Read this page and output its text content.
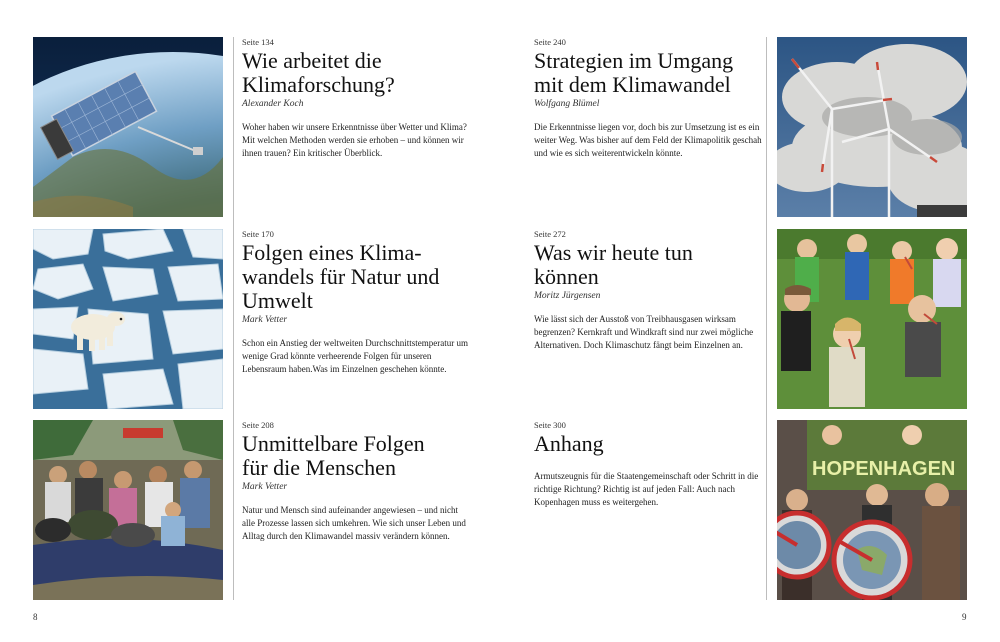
Seite 134

Wie arbeitet die
Klimaforschung?

Alexander Koch

Woher haben wir unsere Erkenntnisse über Wetter und Klima? Mit welchen Methoden werden sie erhoben – und können wir ihnen trauen? Ein kritischer Überblick.

Seite 170

Folgen eines Klima-
wandels für Natur und
Umwelt

Mark Vetter

Schon ein Anstieg der weltweiten Durchschnittstemperatur um wenige Grad könnte verheerende Folgen für unseren Lebensraum haben.Was im Einzelnen geschehen könnte.

Seite 208

Unmittelbare Folgen
für die Menschen

Mark Vetter

Natur und Mensch sind aufeinander angewiesen – und nicht alle Prozesse lassen sich umkehren. Wie sich unser Leben und Alltag durch den Klimawandel massiv verändern können.

8

Seite 240

Strategien im Umgang
mit dem Klimawandel

Wolfgang Blümel

Die Erkenntnisse liegen vor, doch bis zur Umsetzung ist es ein weiter Weg. Was bisher auf dem Feld der Klimapolitik geschah und wie es sich weiterentwickeln könnte.

Seite 272

Was wir heute tun
können

Moritz Jürgensen

Wie lässt sich der Ausstoß von Treibhausgasen wirksam begrenzen? Kernkraft und Windkraft sind nur zwei mögliche Alternativen. Doch Klimaschutz fängt beim Einzelnen an.

Seite 300

Anhang

Armutszeugnis für die Staatengemeinschaft oder Schritt in die richtige Richtung? Richtig ist auf jeden Fall: Auch nach Kopenhagen muss es weitergehen.

HOPENHAGEN
9
